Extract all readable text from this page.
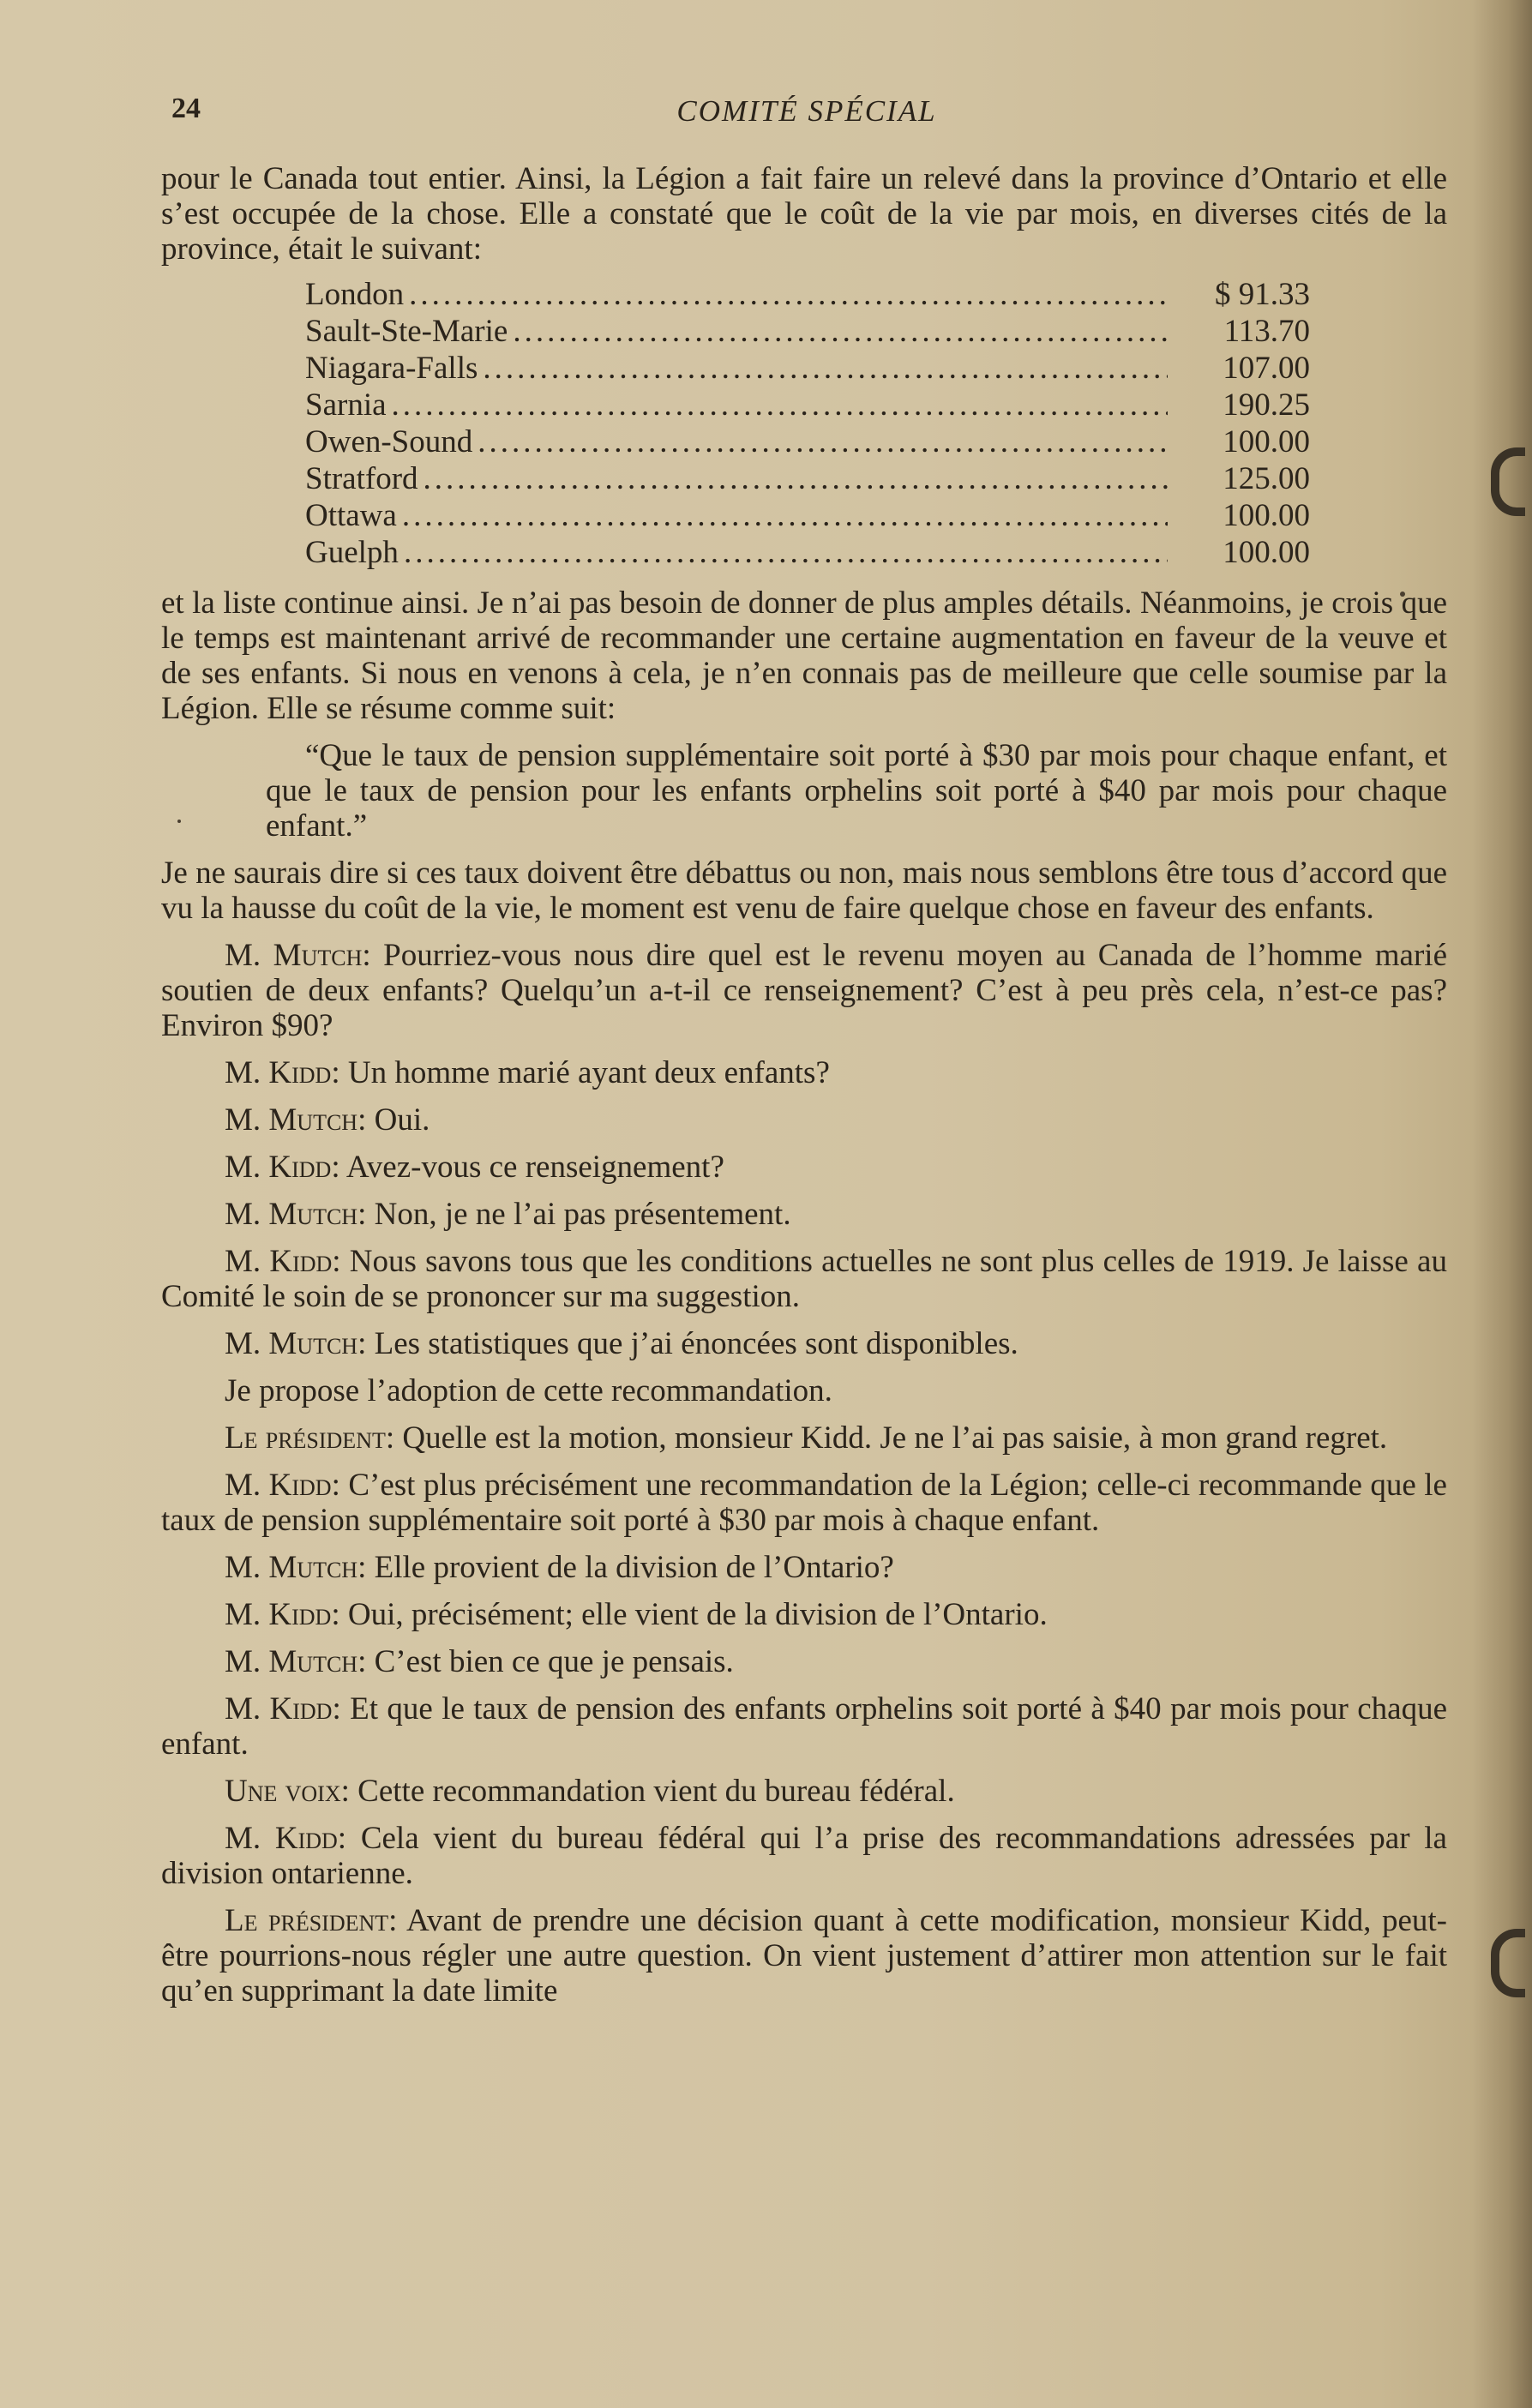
24	COMITÉ SPÉCIAL

pour le Canada tout entier. Ainsi, la Légion a fait faire un relevé dans la province d’Ontario et elle s’est occupée de la chose. Elle a constaté que le coût de la vie par mois, en diverses cités de la province, était le suivant:

London .....	$ 91.33
Sault-Ste-Marie .....	113.70
Niagara-Falls .....	107.00
Sarnia .....	190.25
Owen-Sound .....	100.00
Stratford .....	125.00
Ottawa .....	100.00
Guelph .....	100.00

et la liste continue ainsi. Je n’ai pas besoin de donner de plus amples détails. Néanmoins, je crois que le temps est maintenant arrivé de recommander une certaine augmentation en faveur de la veuve et de ses enfants. Si nous en venons à cela, je n’en connais pas de meilleure que celle soumise par la Légion. Elle se résume comme suit:

“Que le taux de pension supplémentaire soit porté à $30 par mois pour chaque enfant, et que le taux de pension pour les enfants orphelins soit porté à $40 par mois pour chaque enfant.”

Je ne saurais dire si ces taux doivent être débattus ou non, mais nous semblons être tous d’accord que vu la hausse du coût de la vie, le moment est venu de faire quelque chose en faveur des enfants.

M. Mutch: Pourriez-vous nous dire quel est le revenu moyen au Canada de l’homme marié soutien de deux enfants? Quelqu’un a-t-il ce renseignement? C’est à peu près cela, n’est-ce pas? Environ $90?

M. Kidd: Un homme marié ayant deux enfants?

M. Mutch: Oui.

M. Kidd: Avez-vous ce renseignement?

M. Mutch: Non, je ne l’ai pas présentement.

M. Kidd: Nous savons tous que les conditions actuelles ne sont plus celles de 1919. Je laisse au Comité le soin de se prononcer sur ma suggestion.

M. Mutch: Les statistiques que j’ai énoncées sont disponibles.

Je propose l’adoption de cette recommandation.

Le président: Quelle est la motion, monsieur Kidd. Je ne l’ai pas saisie, à mon grand regret.

M. Kidd: C’est plus précisément une recommandation de la Légion; celle-ci recommande que le taux de pension supplémentaire soit porté à $30 par mois à chaque enfant.

M. Mutch: Elle provient de la division de l’Ontario?

M. Kidd: Oui, précisément; elle vient de la division de l’Ontario.

M. Mutch: C’est bien ce que je pensais.

M. Kidd: Et que le taux de pension des enfants orphelins soit porté à $40 par mois pour chaque enfant.

Une voix: Cette recommandation vient du bureau fédéral.

M. Kidd: Cela vient du bureau fédéral qui l’a prise des recommandations adressées par la division ontarienne.

Le président: Avant de prendre une décision quant à cette modification, monsieur Kidd, peut-être pourrions-nous régler une autre question. On vient justement d’attirer mon attention sur le fait qu’en supprimant la date limite
